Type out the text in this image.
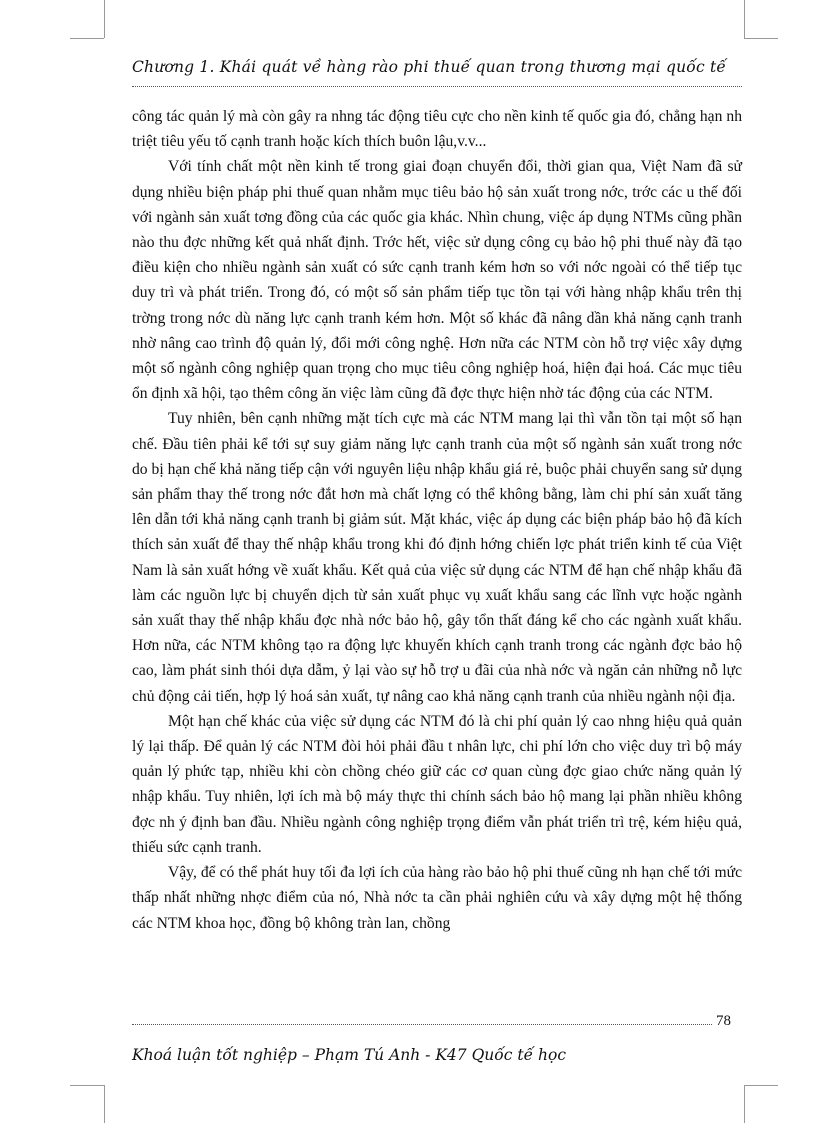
Chương 1. Khái quát về hàng rào phi thuế quan trong thương mại quốc tế

công tác quản lý mà còn gây ra nhng tác động tiêu cực cho nền kinh tế quốc gia đó, chẳng hạn nh triệt tiêu yếu tố cạnh tranh hoặc kích thích buôn lậu,v.v...

Với tính chất một nền kinh tế trong giai đoạn chuyển đổi, thời gian qua, Việt Nam đã sử dụng nhiều biện pháp phi thuế quan nhằm mục tiêu bảo hộ sản xuất trong nớc, trớc các u thế đối với ngành sản xuất tơng đồng của các quốc gia khác. Nhìn chung, việc áp dụng NTMs cũng phần nào thu đợc những kết quả nhất định. Trớc hết, việc sử dụng công cụ bảo hộ phi thuế này đã tạo điều kiện cho nhiều ngành sản xuất có sức cạnh tranh kém hơn so với nớc ngoài có thể tiếp tục duy trì và phát triển. Trong đó, có một số sản phẩm tiếp tục tồn tại với hàng nhập khẩu trên thị trờng trong nớc dù năng lực cạnh tranh kém hơn. Một số khác đã nâng dần khả năng cạnh tranh nhờ nâng cao trình độ quản lý, đổi mới công nghệ. Hơn nữa các NTM còn hỗ trợ việc xây dựng một số ngành công nghiệp quan trọng cho mục tiêu công nghiệp hoá, hiện đại hoá. Các mục tiêu ổn định xã hội, tạo thêm công ăn việc làm cũng đã đợc thực hiện nhờ tác động của các NTM.

Tuy nhiên, bên cạnh những mặt tích cực mà các NTM mang lại thì vẫn tồn tại một số hạn chế. Đầu tiên phải kể tới sự suy giảm năng lực cạnh tranh của một số ngành sản xuất trong nớc do bị hạn chế khả năng tiếp cận với nguyên liệu nhập khẩu giá rẻ, buộc phải chuyển sang sử dụng sản phẩm thay thế trong nớc đắt hơn mà chất lợng có thể không bằng, làm chi phí sản xuất tăng lên dẫn tới khả năng cạnh tranh bị giảm sút. Mặt khác, việc áp dụng các biện pháp bảo hộ đã kích thích sản xuất để thay thế nhập khẩu trong khi đó định hớng chiến lợc phát triển kinh tế của Việt Nam là sản xuất hớng về xuất khẩu. Kết quả của việc sử dụng các NTM để hạn chế nhập khẩu đã làm các nguồn lực bị chuyển dịch từ sản xuất phục vụ xuất khẩu sang các lĩnh vực hoặc ngành sản xuất thay thế nhập khẩu đợc nhà nớc bảo hộ, gây tổn thất đáng kể cho các ngành xuất khẩu. Hơn nữa, các NTM không tạo ra động lực khuyến khích cạnh tranh trong các ngành đợc bảo hộ cao, làm phát sinh thói dựa dẫm, ỷ lại vào sự hỗ trợ u đãi của nhà nớc và ngăn cản những nỗ lực chủ động cải tiến, hợp lý hoá sản xuất, tự nâng cao khả năng cạnh tranh của nhiều ngành nội địa.

Một hạn chế khác của việc sử dụng các NTM đó là chi phí quản lý cao nhng hiệu quả quản lý lại thấp. Để quản lý các NTM đòi hỏi phải đầu t nhân lực, chi phí lớn cho việc duy trì bộ máy quản lý phức tạp, nhiều khi còn chồng chéo giữ các cơ quan cùng đợc giao chức năng quản lý nhập khẩu. Tuy nhiên, lợi ích mà bộ máy thực thi chính sách bảo hộ mang lại phần nhiều không đợc nh ý định ban đầu. Nhiều ngành công nghiệp trọng điểm vẫn phát triển trì trệ, kém hiệu quả, thiếu sức cạnh tranh.

Vậy, để có thể phát huy tối đa lợi ích của hàng rào bảo hộ phi thuế cũng nh hạn chế tới mức thấp nhất những nhợc điểm của nó, Nhà nớc ta cần phải nghiên cứu và xây dựng một hệ thống các NTM khoa học, đồng bộ không tràn lan, chồng

78
Khoá luận tốt nghiệp – Phạm Tú Anh - K47 Quốc tế học
